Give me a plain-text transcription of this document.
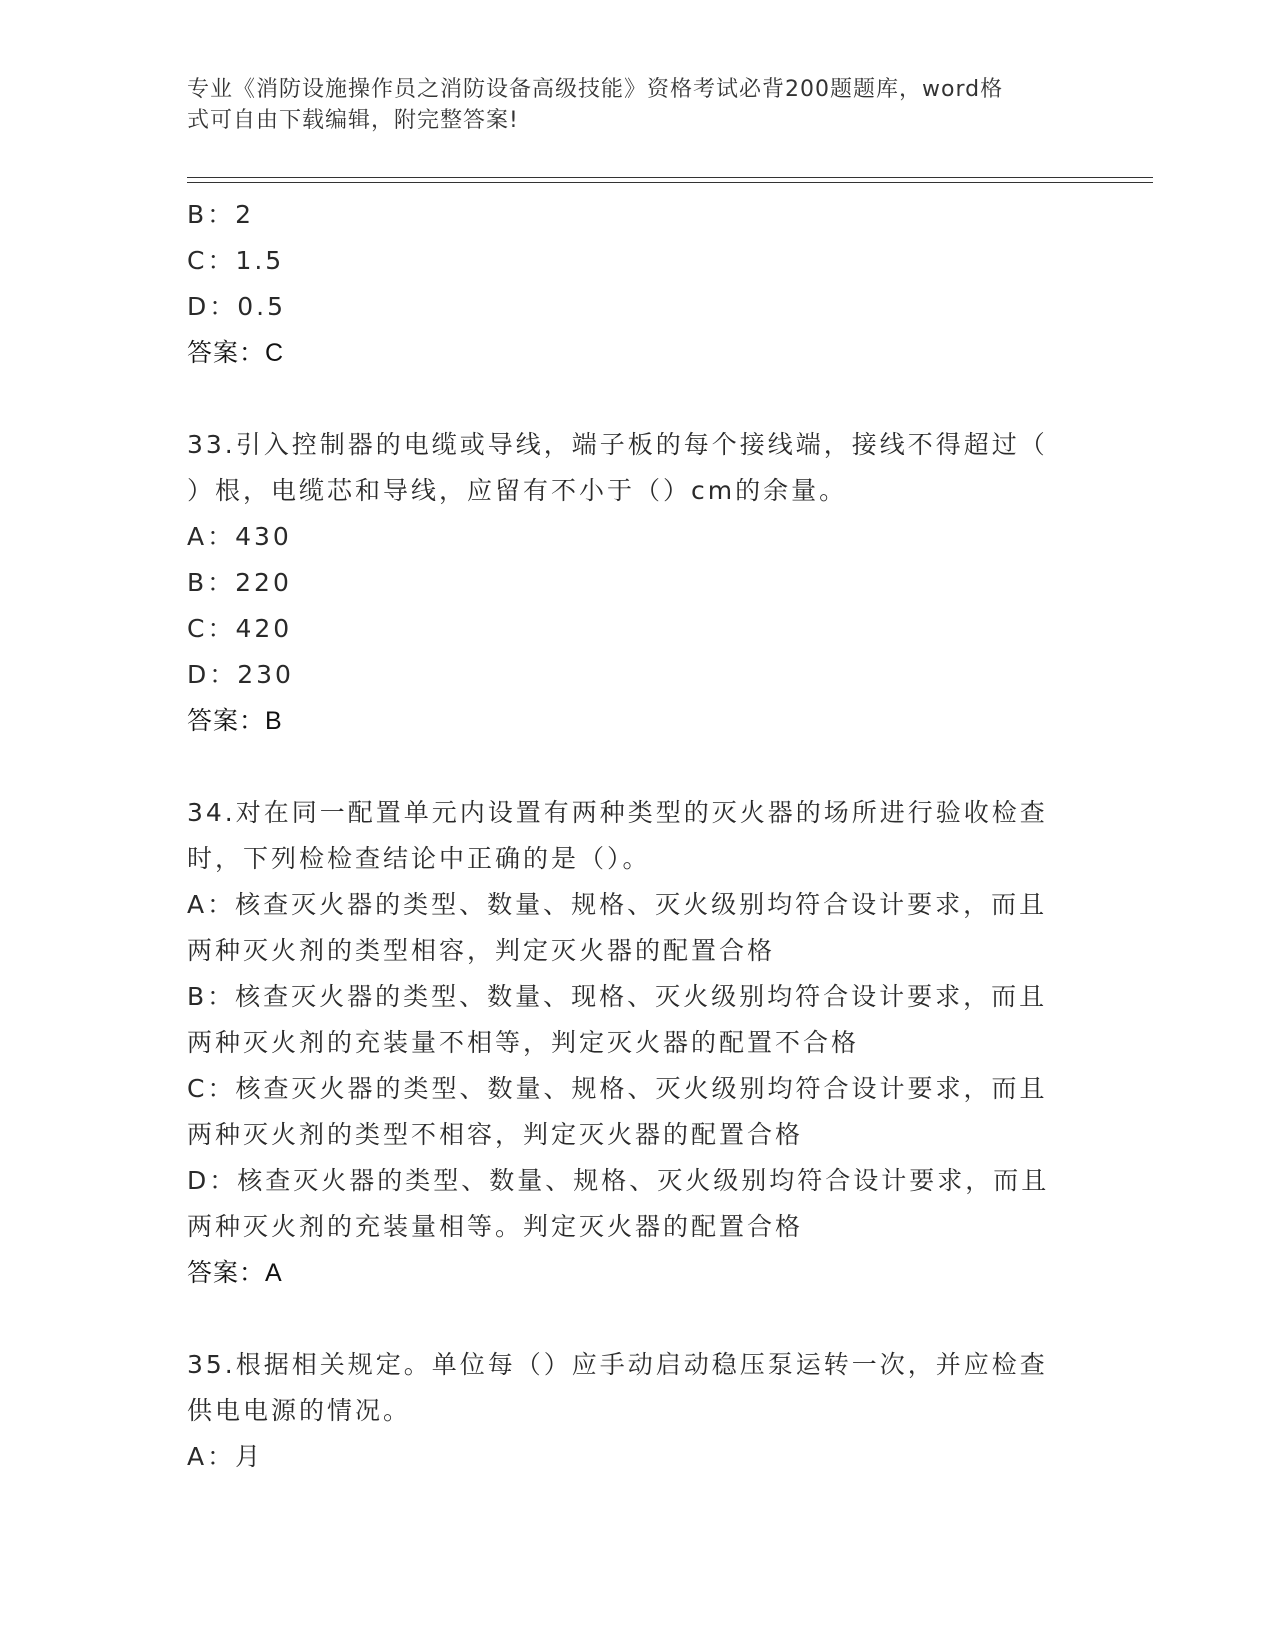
专业《消防设施操作员之消防设备高级技能》资格考试必背200题题库，word格
式可自由下载编辑，附完整答案!
B：2
C：1.5
D：0.5
答案：C
33.引入控制器的电缆或导线，端子板的每个接线端，接线不得超过（
）根，电缆芯和导线，应留有不小于（）cm的余量。
A：430
B：220
C：420
D：230
答案：B
34.对在同一配置单元内设置有两种类型的灭火器的场所进行验收检查
时，下列检检查结论中正确的是（）。
A：核查灭火器的类型、数量、规格、灭火级别均符合设计要求，而且
两种灭火剂的类型相容，判定灭火器的配置合格
B：核查灭火器的类型、数量、现格、灭火级别均符合设计要求，而且
两种灭火剂的充装量不相等，判定灭火器的配置不合格
C：核查灭火器的类型、数量、规格、灭火级别均符合设计要求，而且
两种灭火剂的类型不相容，判定灭火器的配置合格
D：核查灭火器的类型、数量、规格、灭火级别均符合设计要求，而且
两种灭火剂的充装量相等。判定灭火器的配置合格
答案：A
35.根据相关规定。单位每（）应手动启动稳压泵运转一次，并应检查
供电电源的情况。
A：月
